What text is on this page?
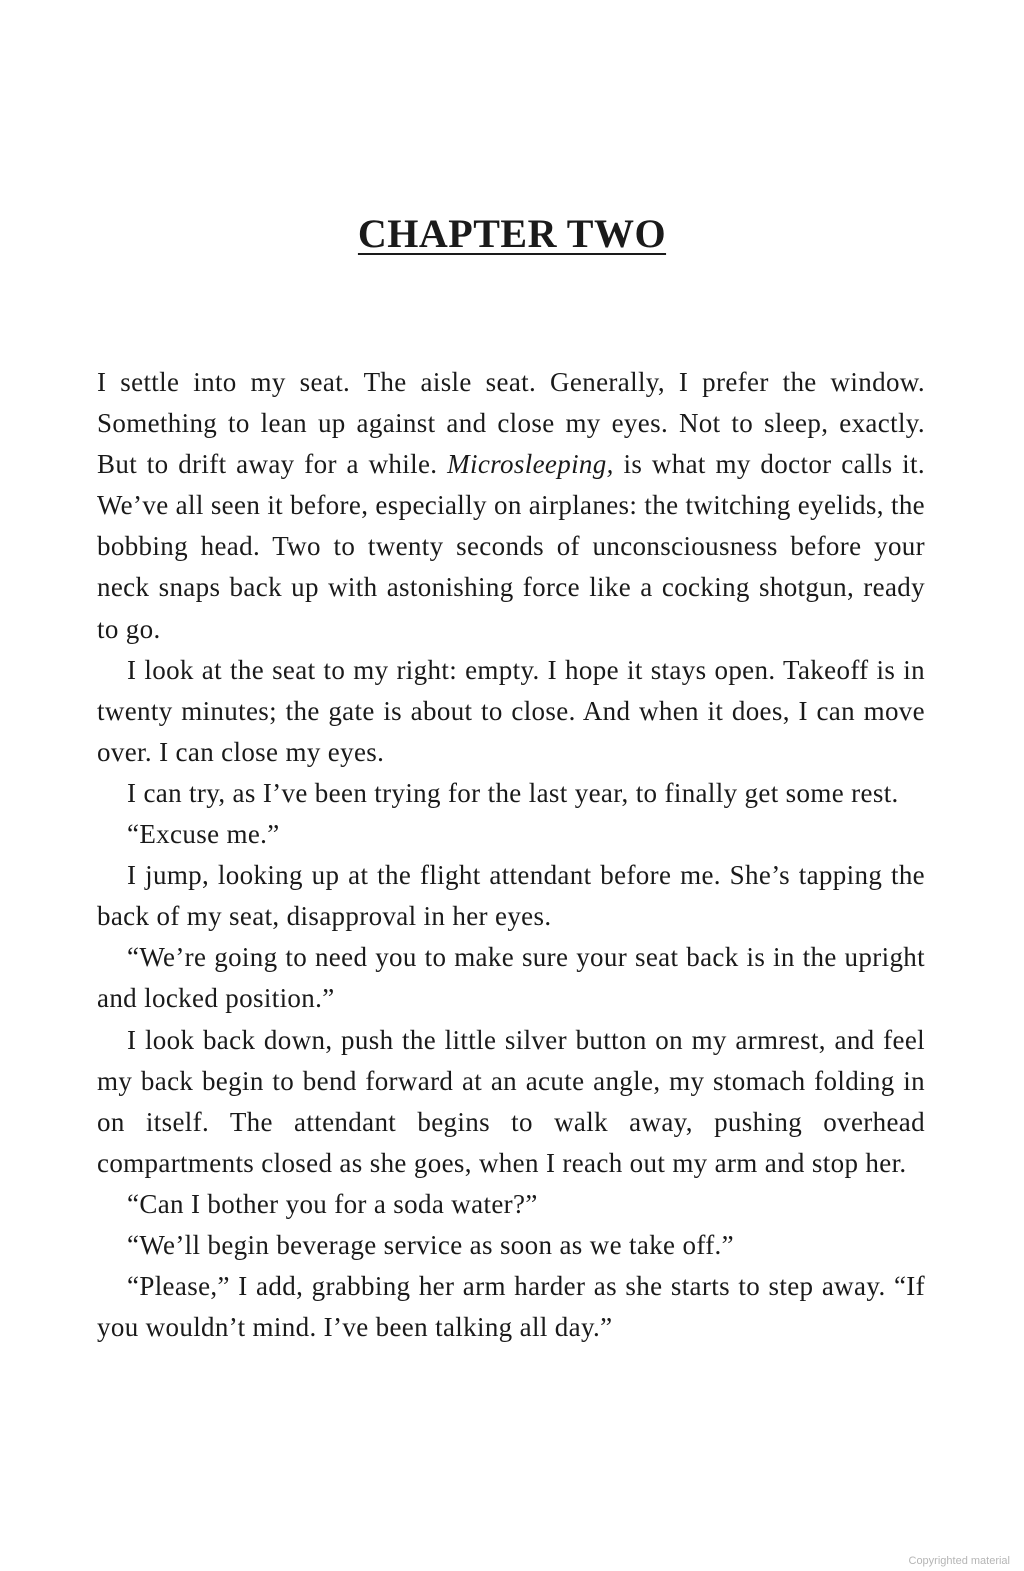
CHAPTER TWO

I settle into my seat. The aisle seat. Generally, I prefer the window. Something to lean up against and close my eyes. Not to sleep, exactly. But to drift away for a while. Microsleeping, is what my doctor calls it. We’ve all seen it before, especially on airplanes: the twitching eyelids, the bobbing head. Two to twenty seconds of unconsciousness before your neck snaps back up with astonishing force like a cocking shotgun, ready to go.

I look at the seat to my right: empty. I hope it stays open. Takeoff is in twenty minutes; the gate is about to close. And when it does, I can move over. I can close my eyes.

I can try, as I’ve been trying for the last year, to finally get some rest.

“Excuse me.”

I jump, looking up at the flight attendant before me. She’s tapping the back of my seat, disapproval in her eyes.

“We’re going to need you to make sure your seat back is in the upright and locked position.”

I look back down, push the little silver button on my armrest, and feel my back begin to bend forward at an acute angle, my stomach folding in on itself. The attendant begins to walk away, pushing overhead compartments closed as she goes, when I reach out my arm and stop her.

“Can I bother you for a soda water?”

“We’ll begin beverage service as soon as we take off.”

“Please,” I add, grabbing her arm harder as she starts to step away. “If you wouldn’t mind. I’ve been talking all day.”

Copyrighted material
